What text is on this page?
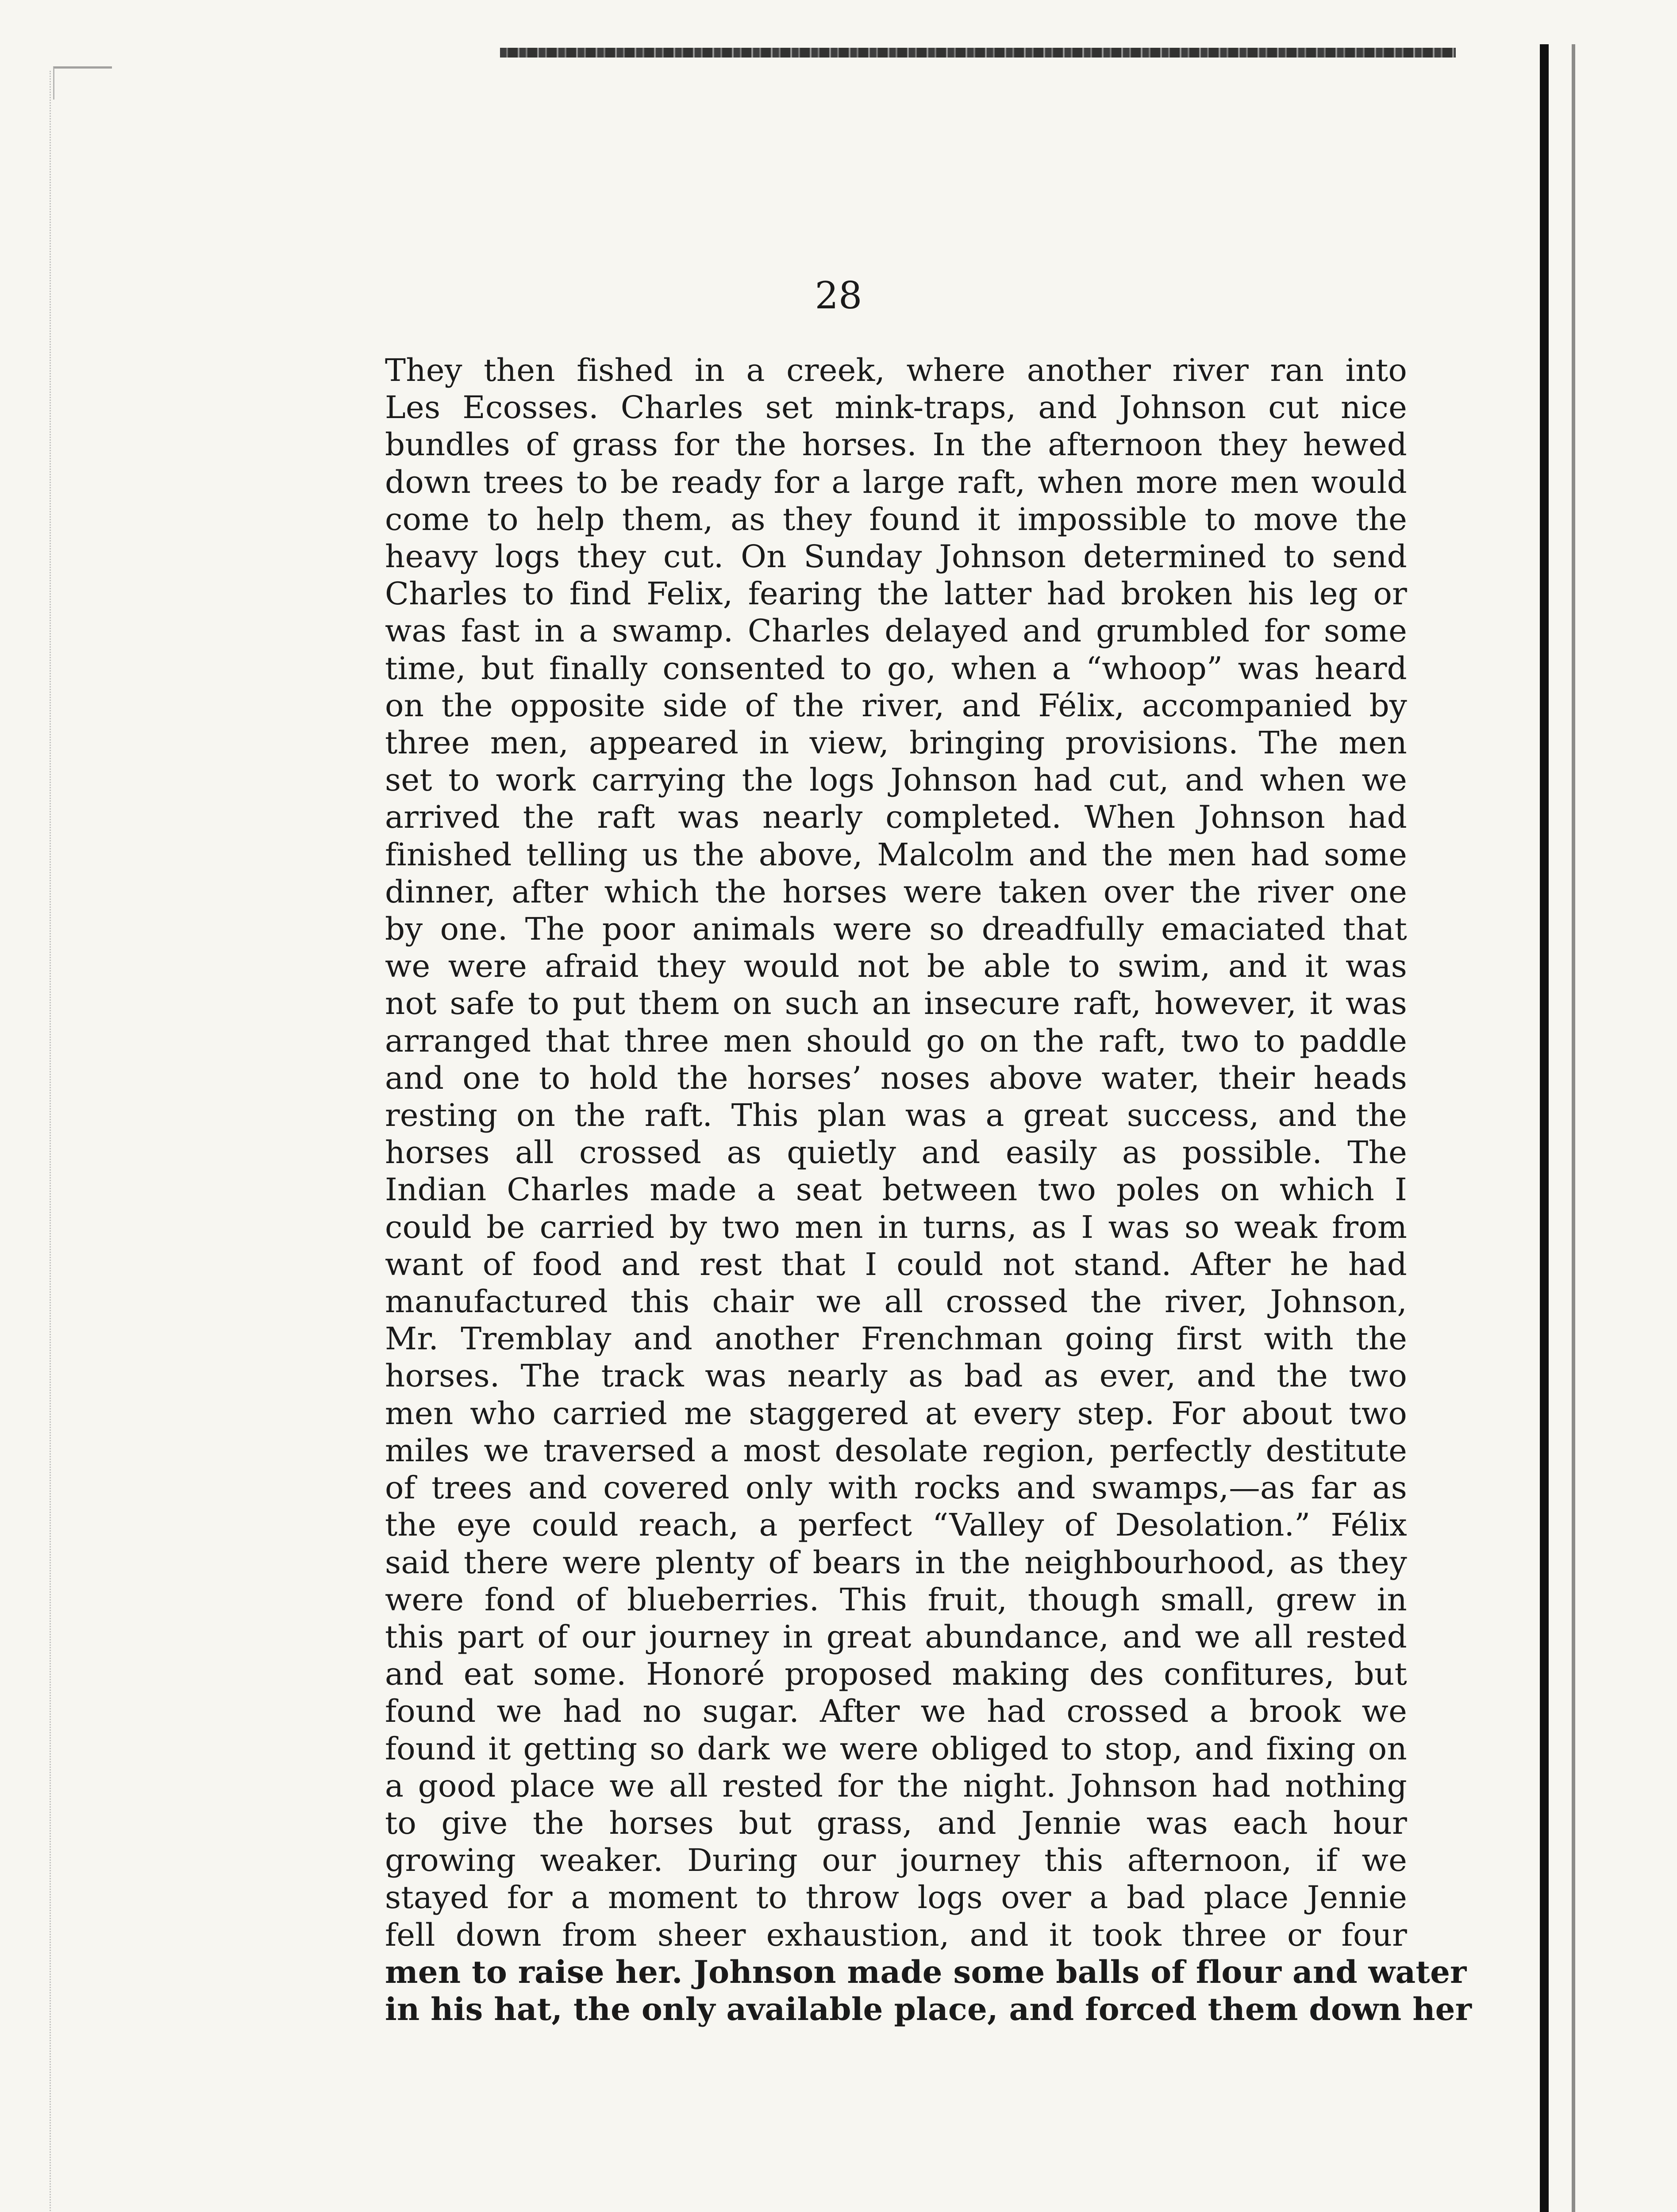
28
They then fished in a creek, where another river ran into
Les Ecosses. Charles set mink-traps, and Johnson cut nice
bundles of grass for the horses. In the afternoon they hewed
down trees to be ready for a large raft, when more men would
come to help them, as they found it impossible to move the
heavy logs they cut. On Sunday Johnson determined to send
Charles to find Felix, fearing the latter had broken his leg or
was fast in a swamp. Charles delayed and grumbled for some
time, but finally consented to go, when a “whoop” was heard
on the opposite side of the river, and Félix, accompanied by
three men, appeared in view, bringing provisions. The men
set to work carrying the logs Johnson had cut, and when we
arrived the raft was nearly completed. When Johnson had
finished telling us the above, Malcolm and the men had some
dinner, after which the horses were taken over the river one
by one. The poor animals were so dreadfully emaciated that
we were afraid they would not be able to swim, and it was
not safe to put them on such an insecure raft, however, it was
arranged that three men should go on the raft, two to paddle
and one to hold the horses’ noses above water, their heads
resting on the raft. This plan was a great success, and the
horses all crossed as quietly and easily as possible. The
Indian Charles made a seat between two poles on which I
could be carried by two men in turns, as I was so weak from
want of food and rest that I could not stand. After he had
manufactured this chair we all crossed the river, Johnson,
Mr. Tremblay and another Frenchman going first with the
horses. The track was nearly as bad as ever, and the two
men who carried me staggered at every step. For about two
miles we traversed a most desolate region, perfectly destitute
of trees and covered only with rocks and swamps,—as far as
the eye could reach, a perfect “Valley of Desolation.” Félix
said there were plenty of bears in the neighbourhood, as they
were fond of blueberries. This fruit, though small, grew in
this part of our journey in great abundance, and we all rested
and eat some. Honoré proposed making des confitures, but
found we had no sugar. After we had crossed a brook we
found it getting so dark we were obliged to stop, and fixing on
a good place we all rested for the night. Johnson had nothing
to give the horses but grass, and Jennie was each hour
growing weaker. During our journey this afternoon, if we
stayed for a moment to throw logs over a bad place Jennie
fell down from sheer exhaustion, and it took three or four
men to raise her. Johnson made some balls of flour and water
in his hat, the only available place, and forced them down her
